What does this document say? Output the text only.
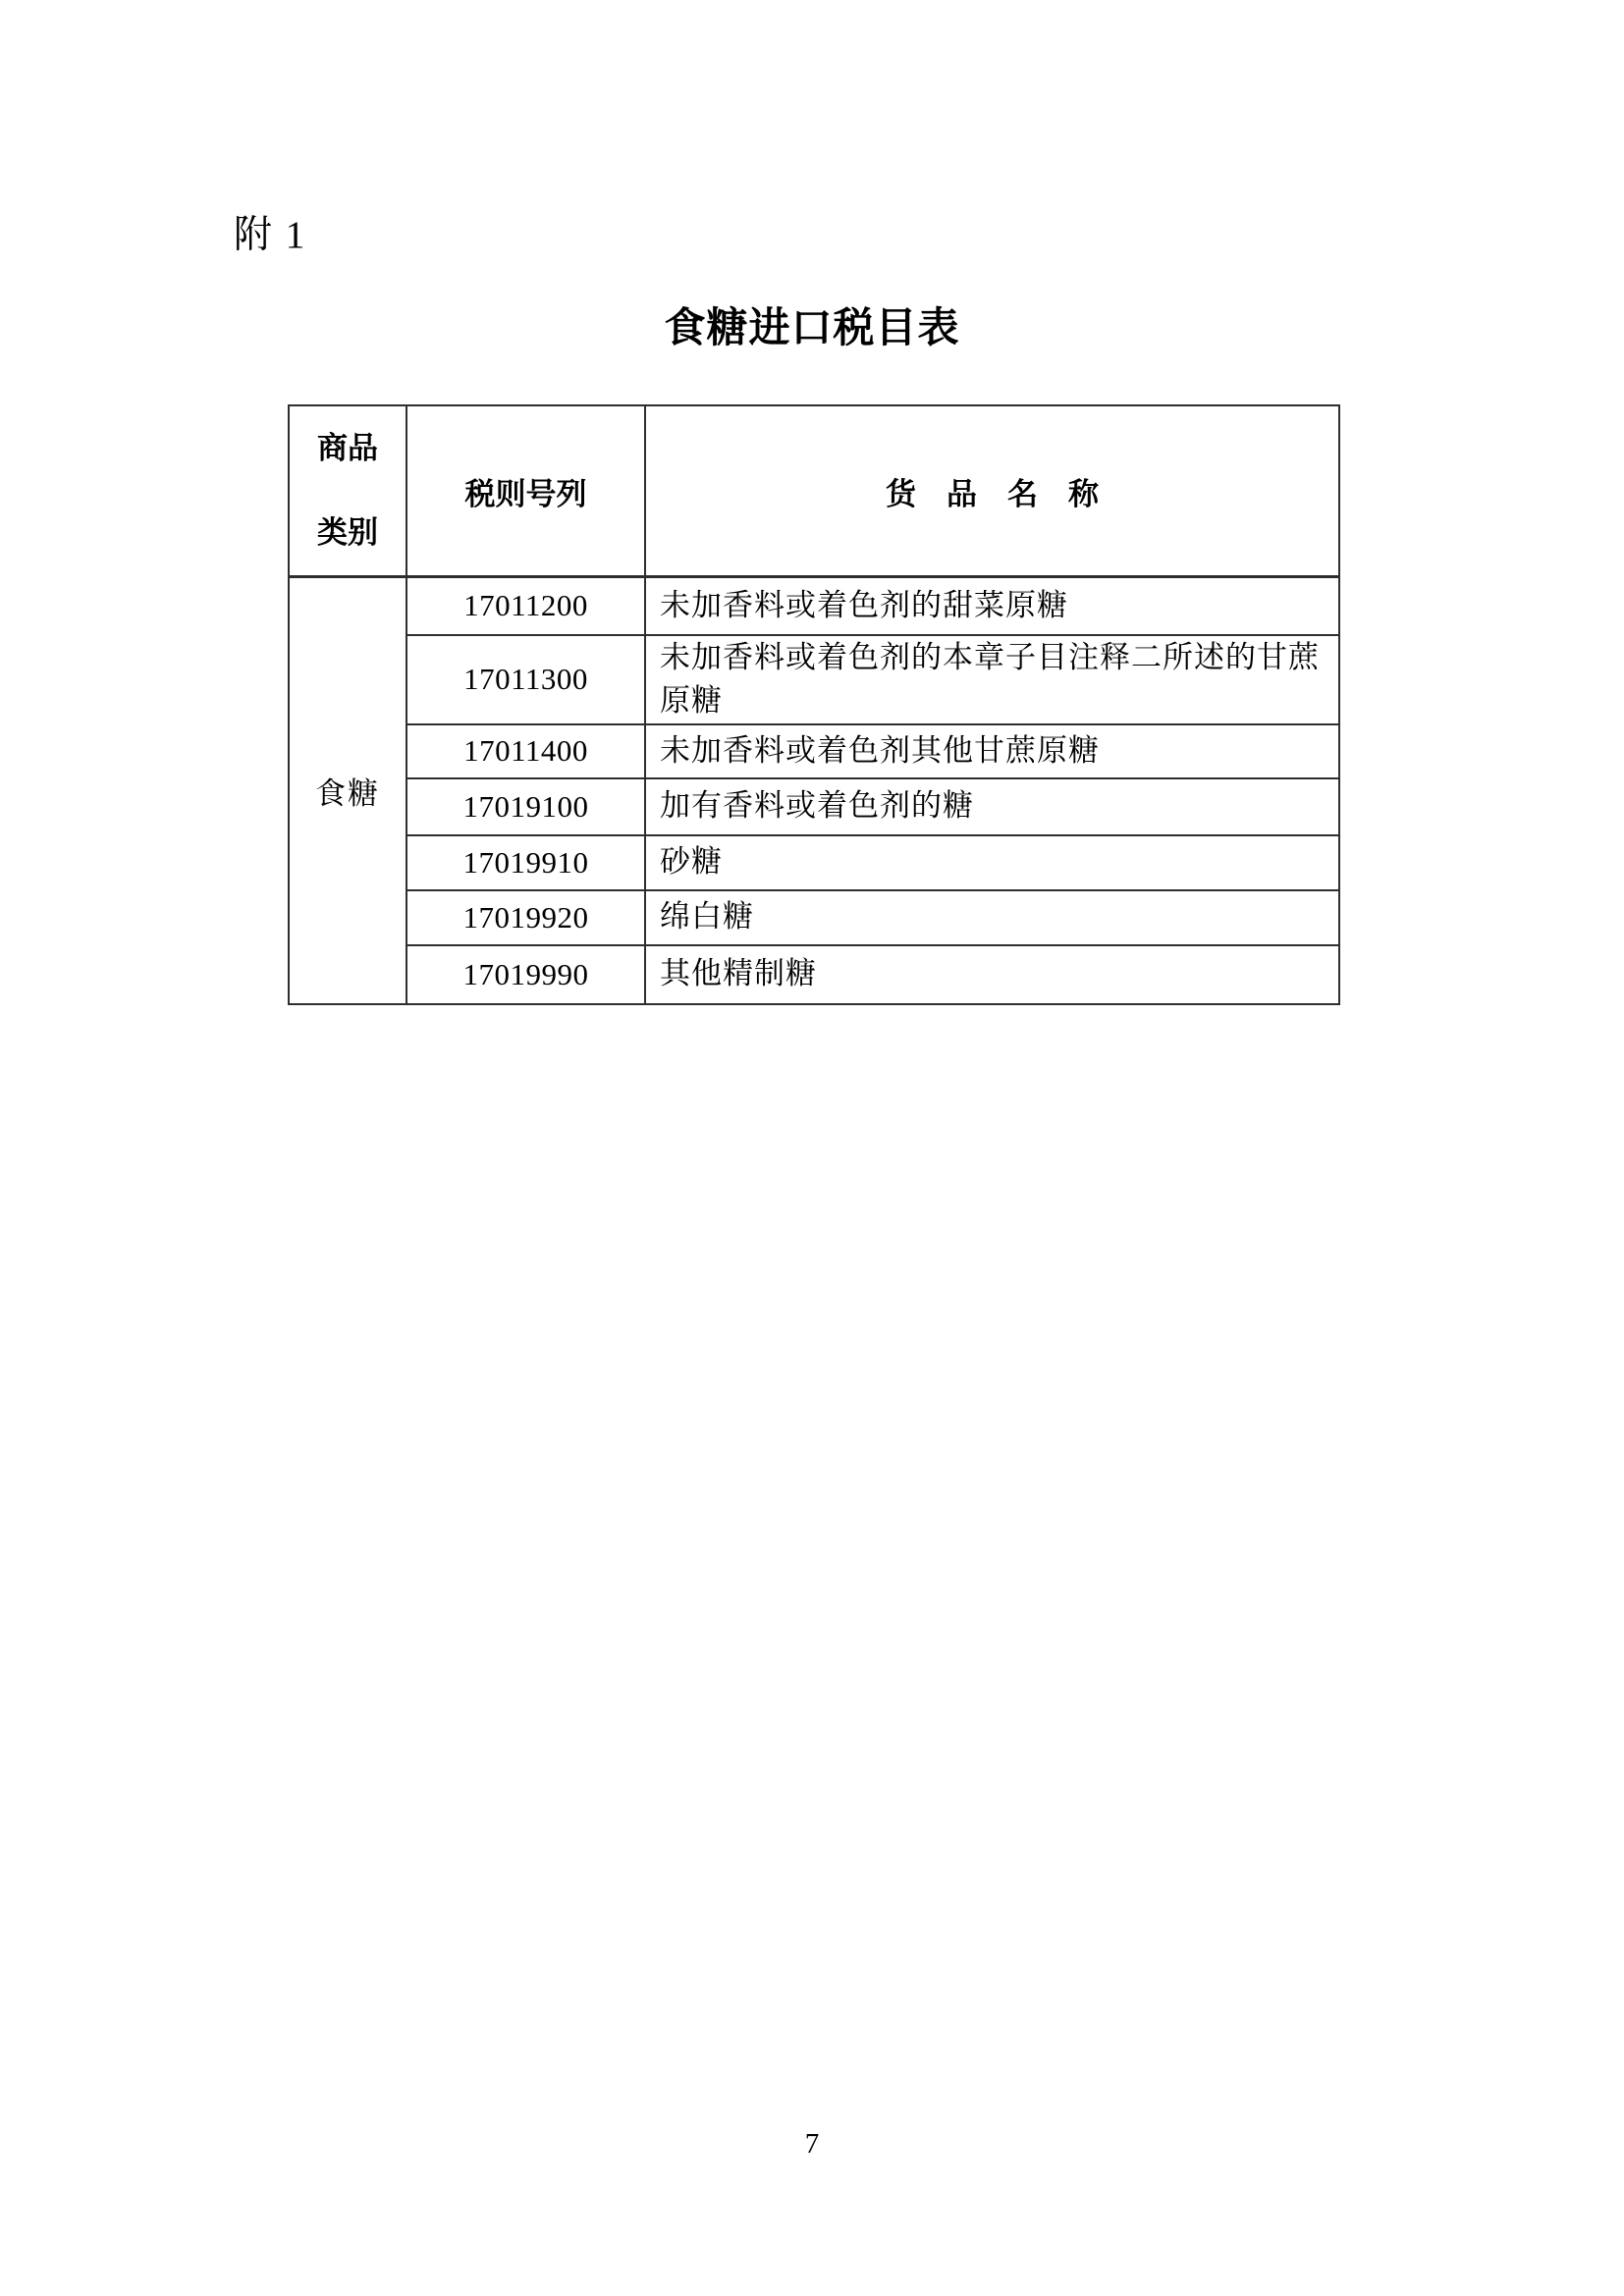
附 1
食糖进口税目表
商品
类别	税则号列	货　品　名　称
食糖	17011200	未加香料或着色剂的甜菜原糖
	17011300	未加香料或着色剂的本章子目注释二所述的甘蔗原糖
	17011400	未加香料或着色剂其他甘蔗原糖
	17019100	加有香料或着色剂的糖
	17019910	砂糖
	17019920	绵白糖
	17019990	其他精制糖
7
